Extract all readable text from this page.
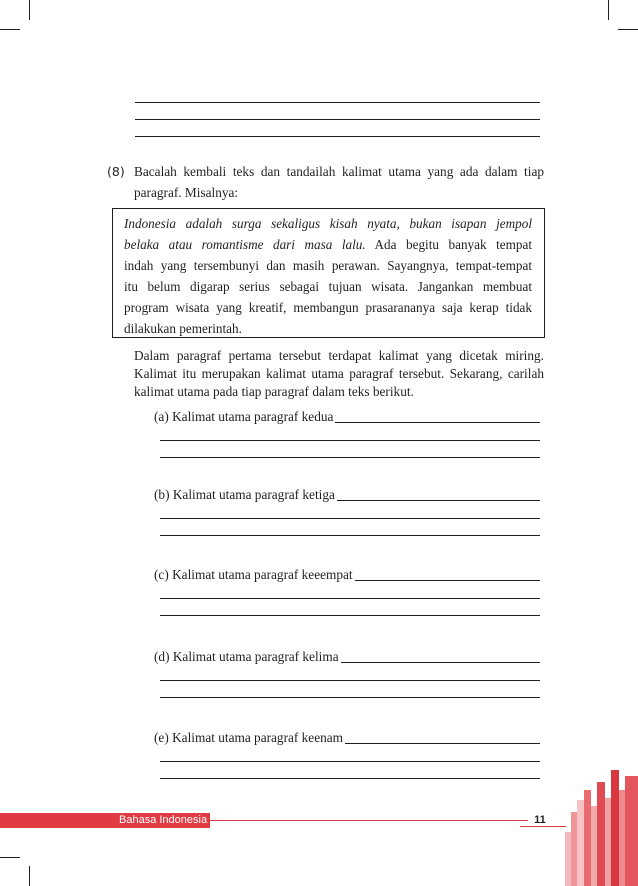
(8) Bacalah kembali teks dan tandailah kalimat utama yang ada dalam tiap
paragraf. Misalnya:
Indonesia adalah surga sekaligus kisah nyata, bukan isapan jempol
belaka atau romantisme dari masa lalu. Ada begitu banyak tempat
indah yang tersembunyi dan masih perawan. Sayangnya, tempat-tempat
itu belum digarap serius sebagai tujuan wisata. Jangankan membuat
program wisata yang kreatif, membangun prasarananya saja kerap tidak
dilakukan pemerintah.
Dalam paragraf pertama tersebut terdapat kalimat yang dicetak miring.
Kalimat itu merupakan kalimat utama paragraf tersebut. Sekarang, carilah
kalimat utama pada tiap paragraf dalam teks berikut.
(a) Kalimat utama paragraf kedua
(b) Kalimat utama paragraf ketiga
(c) Kalimat utama paragraf keeempat
(d) Kalimat utama paragraf kelima
(e) Kalimat utama paragraf keenam
Bahasa Indonesia	11
